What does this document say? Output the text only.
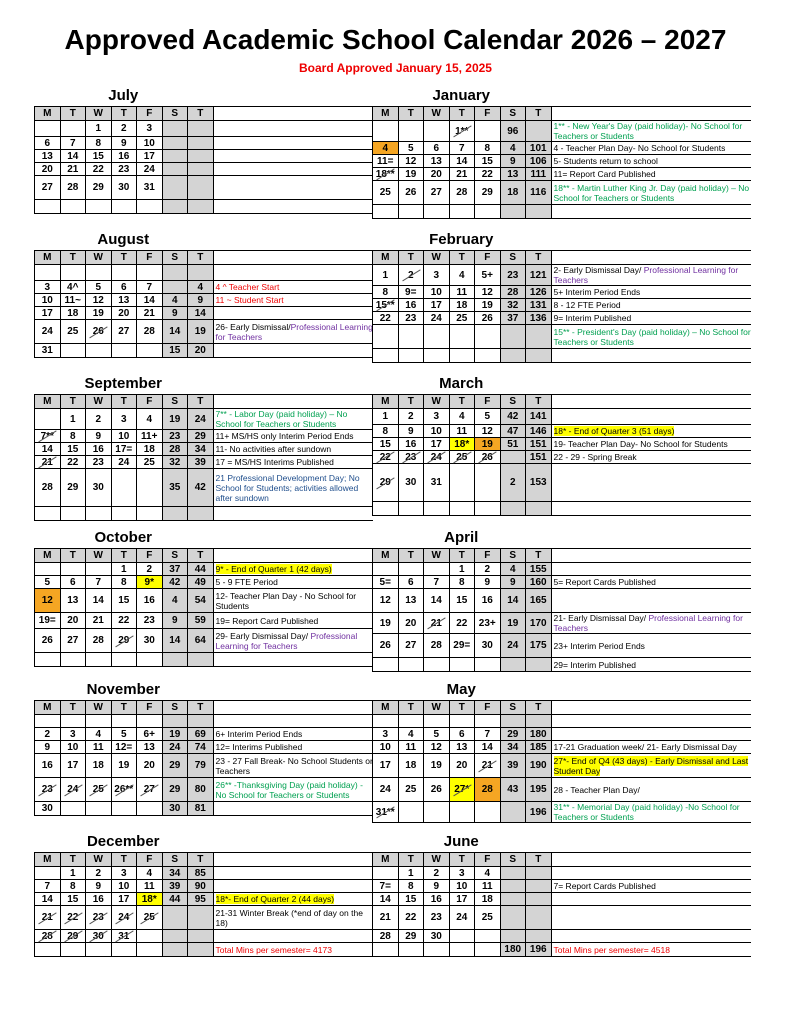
Approved Academic School Calendar 2026 – 2027
Board Approved January 15, 2025
July
M	T	W	T	F	S	T	
		1	2	3			
6	7	8	9	10			
13	14	15	16	17			
20	21	22	23	24			
27	28	29	30	31			

January
M	T	W	T	F	S	T	
			1**		96		1** - New Year's Day (paid holiday)- No School for Teachers or Students
4	5	6	7	8	4	101	4 - Teacher Plan Day- No School for Students
11=	12	13	14	15	9	106	5- Students return to school
18**	19	20	21	22	13	111	11= Report Card Published
25	26	27	28	29	18	116	18** - Martin Luther King Jr. Day (paid holiday) – No School for Teachers or Students

August
M	T	W	T	F	S	T	

3	4^	5	6	7		4	4 ^ Teacher Start
10	11~	12	13	14	4	9	11 ~ Student Start
17	18	19	20	21	9	14	
24	25	26	27	28	14	19	26- Early Dismissal/Professional Learning for Teachers
31					15	20	
February
M	T	W	T	F	S	T	
1	2	3	4	5+	23	121	2- Early Dismissal Day/ Professional Learning for Teachers
8	9=	10	11	12	28	126	5+ Interim Period Ends
15**	16	17	18	19	32	131	8 - 12 FTE Period
22	23	24	25	26	37	136	9= Interim Published
							15** - President's Day (paid holiday) – No School for Teachers or Students

September
M	T	W	T	F	S	T	
	1	2	3	4	19	24	7** - Labor Day (paid holiday) – No School for Teachers or Students
7**	8	9	10	11+	23	29	11+ MS/HS only Interim Period Ends
14	15	16	17=	18	28	34	11- No activities after sundown
21	22	23	24	25	32	39	17 = MS/HS Interims Published
28	29	30			35	42	21 Professional Development Day; No School for Students; activities allowed after sundown

March
M	T	W	T	F	S	T	
1	2	3	4	5	42	141	
8	9	10	11	12	47	146	18* - End of Quarter 3 (51 days)
15	16	17	18*	19	51	151	19- Teacher Plan Day- No School for Students
22	23	24	25	26		151	22 - 29 - Spring Break
29	30	31			2	153	

October
M	T	W	T	F	S	T	
			1	2	37	44	9* - End of Quarter 1 (42 days)
5	6	7	8	9*	42	49	5 - 9 FTE Period
12	13	14	15	16	4	54	12- Teacher Plan Day - No School for Students
19=	20	21	22	23	9	59	19= Report Card Published
26	27	28	29	30	14	64	29- Early Dismissal Day/ Professional Learning for Teachers

April
M	T	W	T	F	S	T	
			1	2	4	155	
5=	6	7	8	9	9	160	5= Report Cards Published
12	13	14	15	16	14	165	
19	20	21	22	23+	19	170	21- Early Dismissal Day/ Professional Learning for Teachers
26	27	28	29=	30	24	175	23+ Interim Period Ends
							29= Interim Published
November
M	T	W	T	F	S	T	

2	3	4	5	6+	19	69	6+ Interim Period Ends
9	10	11	12=	13	24	74	12= Interims Published
16	17	18	19	20	29	79	23 - 27 Fall Break- No School Students or Teachers
23	24	25	26**	27	29	80	26** -Thanksgiving Day (paid holiday) -No School for Teachers or Students
30					30	81	
May
M	T	W	T	F	S	T	

3	4	5	6	7	29	180	
10	11	12	13	14	34	185	17-21 Graduation week/ 21- Early Dismissal Day
17	18	19	20	21	39	190	27*- End of Q4 (43 days) - Early Dismissal and Last Student Day
24	25	26	27*	28	43	195	28 - Teacher Plan Day/
31**						196	31** - Memorial Day (paid holiday) -No School for Teachers or Students
December
M	T	W	T	F	S	T	
	1	2	3	4	34	85	
7	8	9	10	11	39	90	
14	15	16	17	18*	44	95	18*- End of Quarter 2 (44 days)
21	22	23	24	25			21-31 Winter Break (*end of day on the 18)
28	29	30	31				
							Total Mins per semester= 4173
June
M	T	W	T	F	S	T	
	1	2	3	4			
7=	8	9	10	11			7= Report Cards Published
14	15	16	17	18			
21	22	23	24	25			
28	29	30					
					180	196	Total Mins per semester= 4518
